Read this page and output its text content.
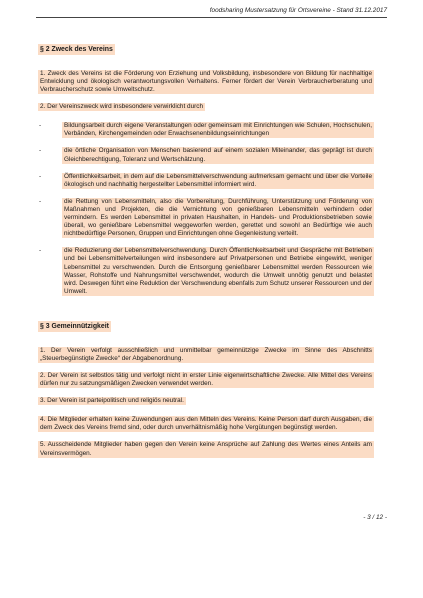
foodsharing Mustersatzung für Ortsvereine - Stand 31.12.2017
§ 2 Zweck des Vereins

1. Zweck des Vereins ist die Förderung von Erziehung und Volksbildung, insbesondere von Bildung für nachhaltige Entwicklung und ökologisch verantwortungsvollen Verhaltens. Ferner fördert der Verein Verbraucherberatung und Verbraucherschutz sowie Umweltschutz.

2. Der Vereinszweck wird insbesondere verwirklicht durch

-	Bildungsarbeit durch eigene Veranstaltungen oder gemeinsam mit Einrichtungen wie Schulen, Hochschulen, Verbänden, Kirchengemeinden oder Erwachsenenbildungseinrichtungen

-	die örtliche Organisation von Menschen basierend auf einem sozialen Miteinander, das geprägt ist durch Gleichberechtigung, Toleranz und Wertschätzung.

-	Öffentlichkeitsarbeit, in dem auf die Lebensmittelverschwendung aufmerksam gemacht und über die Vorteile ökologisch und nachhaltig hergestellter Lebensmittel informiert wird.

-	die Rettung von Lebensmitteln, also die Vorbereitung, Durchführung, Unterstützung und Förderung von Maßnahmen und Projekten, die die Vernichtung von genießbaren Lebensmitteln verhindern oder vermindern. Es werden Lebensmittel in privaten Haushalten, in Handels- und Produktionsbetrieben sowie überall, wo genießbare Lebensmittel weggeworfen werden, gerettet und sowohl an Bedürftige wie auch nichtbedürftige Personen, Gruppen und Einrichtungen ohne Gegenleistung verteilt.

-	die Reduzierung der Lebensmittelverschwendung. Durch Öffentlichkeitsarbeit und Gespräche mit Betrieben und bei Lebensmittelverteilungen wird insbesondere auf Privatpersonen und Betriebe eingewirkt, weniger Lebensmittel zu verschwenden. Durch die Entsorgung genießbarer Lebensmittel werden Ressourcen wie Wasser, Rohstoffe und Nahrungsmittel verschwendet, wodurch die Umwelt unnötig genutzt und belastet wird. Deswegen führt eine Reduktion der Verschwendung ebenfalls zum Schutz unserer Ressourcen und der Umwelt.

§ 3 Gemeinnützigkeit

1. Der Verein verfolgt ausschließlich und unmittelbar gemeinnützige Zwecke im Sinne des Abschnitts „Steuerbegünstigte Zwecke“ der Abgabenordnung.

2. Der Verein ist selbstlos tätig und verfolgt nicht in erster Linie eigenwirtschaftliche Zwecke. Alle Mittel des Vereins dürfen nur zu satzungsmäßigen Zwecken verwendet werden.

3. Der Verein ist parteipolitisch und religiös neutral.

4. Die Mitglieder erhalten keine Zuwendungen aus den Mitteln des Vereins. Keine Person darf durch Ausgaben, die dem Zweck des Vereins fremd sind, oder durch unverhältnismäßig hohe Vergütungen begünstigt werden.

5. Ausscheidende Mitglieder haben gegen den Verein keine Ansprüche auf Zahlung des Wertes eines Anteils am Vereinsvermögen.

- 3 / 12 -
